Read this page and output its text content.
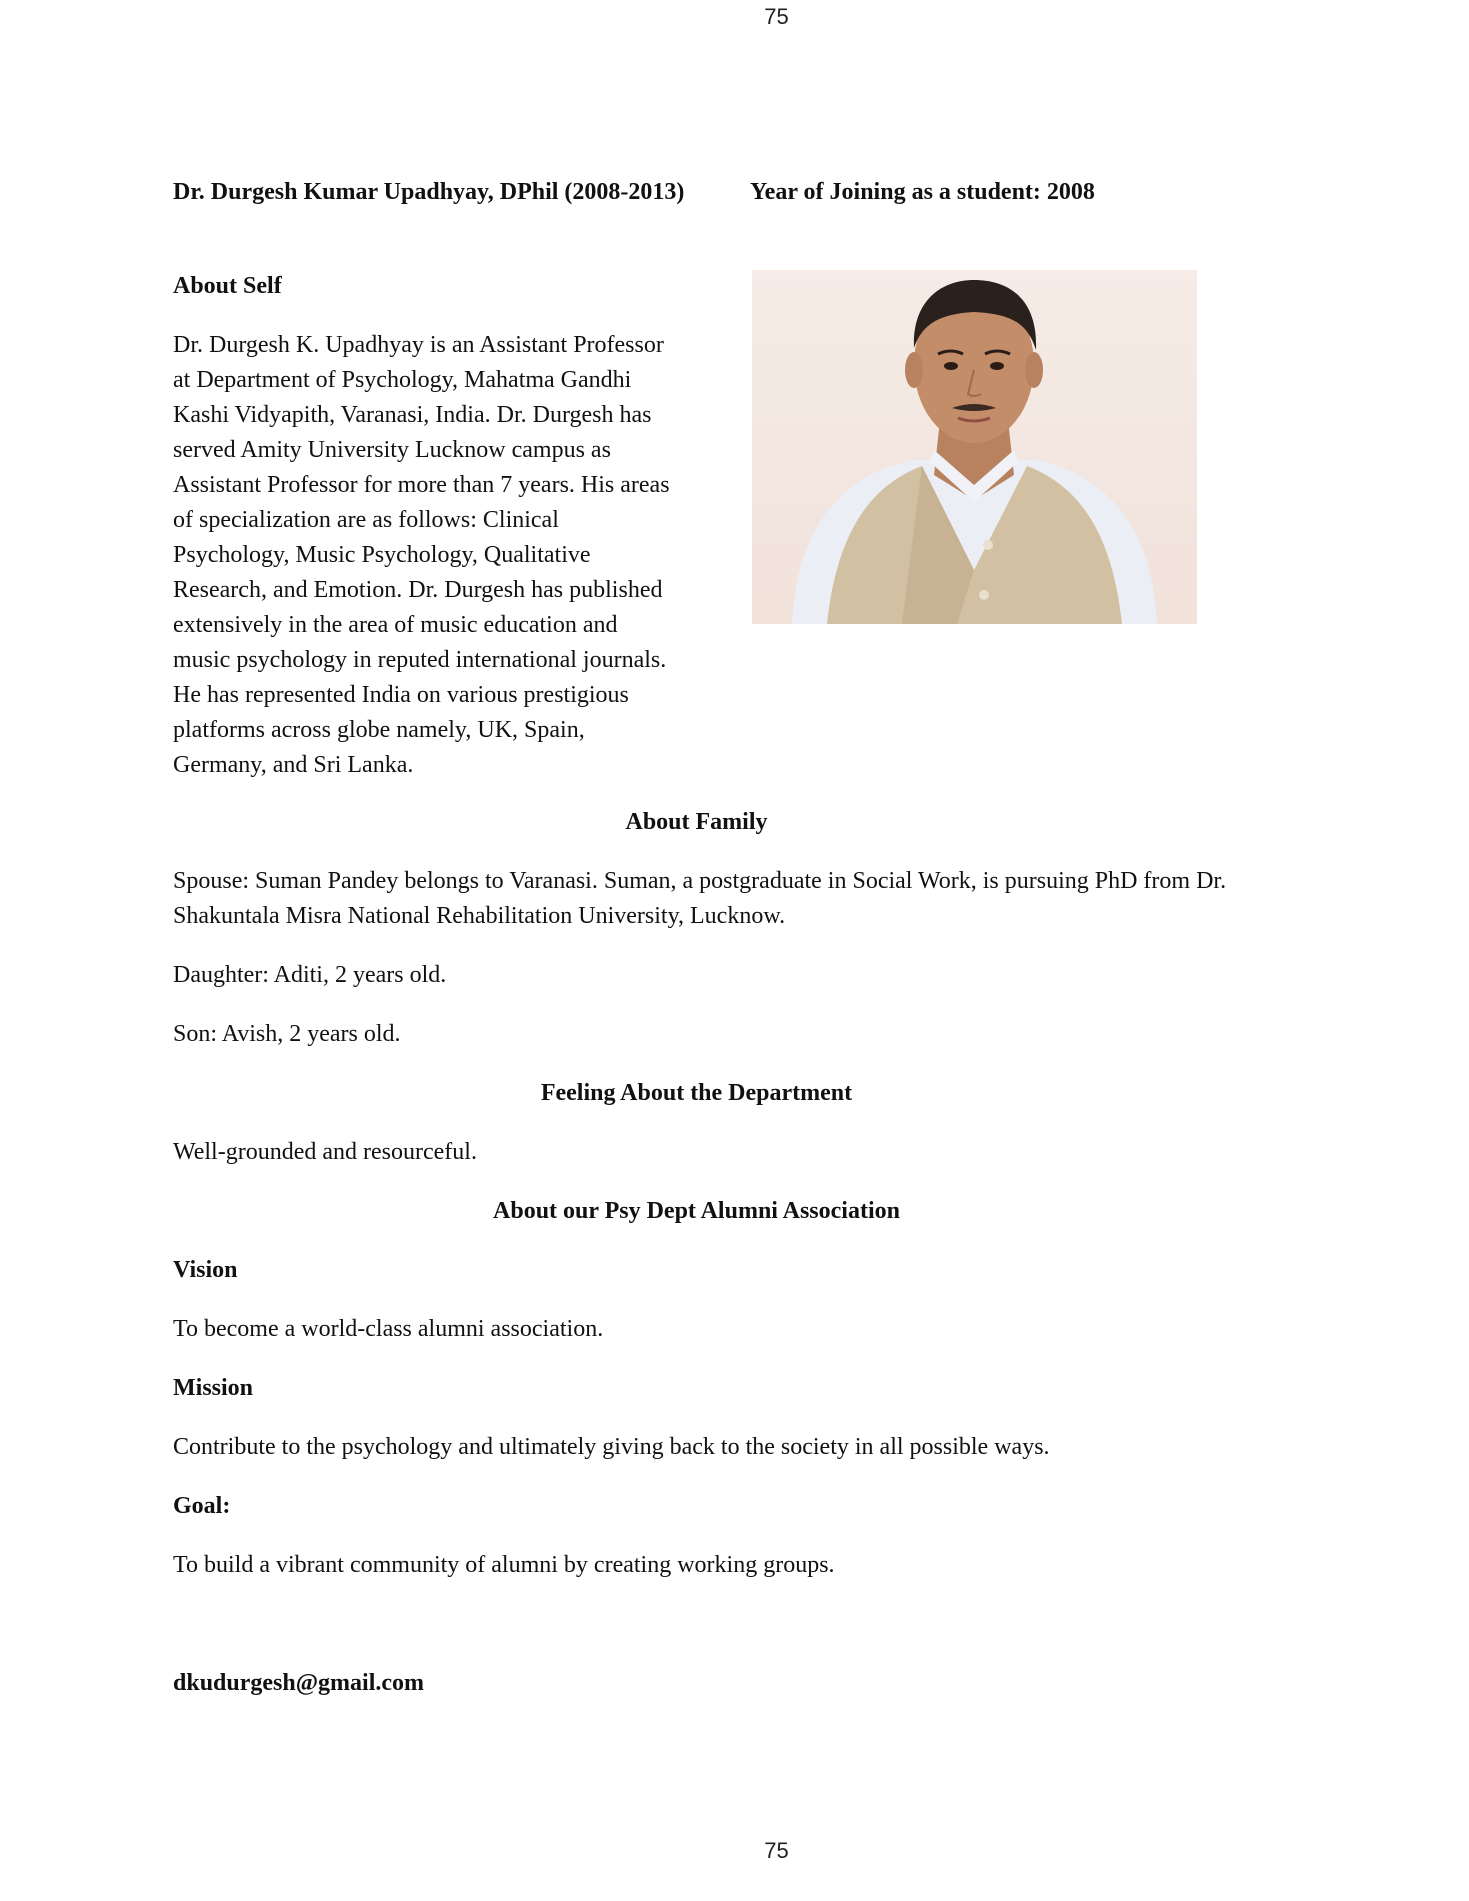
75
Dr. Durgesh Kumar Upadhyay, DPhil (2008-2013)	Year of Joining as a student: 2008
About Self
Dr. Durgesh K. Upadhyay is an Assistant Professor
at Department of Psychology, Mahatma Gandhi
Kashi Vidyapith, Varanasi, India. Dr. Durgesh has
served Amity University Lucknow campus as
Assistant Professor for more than 7 years. His areas
of specialization are as follows: Clinical
Psychology, Music Psychology, Qualitative
Research, and Emotion. Dr. Durgesh has published
extensively in the area of music education and
music psychology in reputed international journals.
He has represented India on various prestigious
platforms across globe namely, UK, Spain,
Germany, and Sri Lanka.
About Family
Spouse: Suman Pandey belongs to Varanasi. Suman, a postgraduate in Social Work, is pursuing PhD from Dr. Shakuntala Misra National Rehabilitation University, Lucknow.
Daughter: Aditi, 2 years old.
Son: Avish, 2 years old.
Feeling About the Department
Well-grounded and resourceful.
About our Psy Dept Alumni Association
Vision
To become a world-class alumni association.
Mission
Contribute to the psychology and ultimately giving back to the society in all possible ways.
Goal:
To build a vibrant community of alumni by creating working groups.
dkudurgesh@gmail.com
75
